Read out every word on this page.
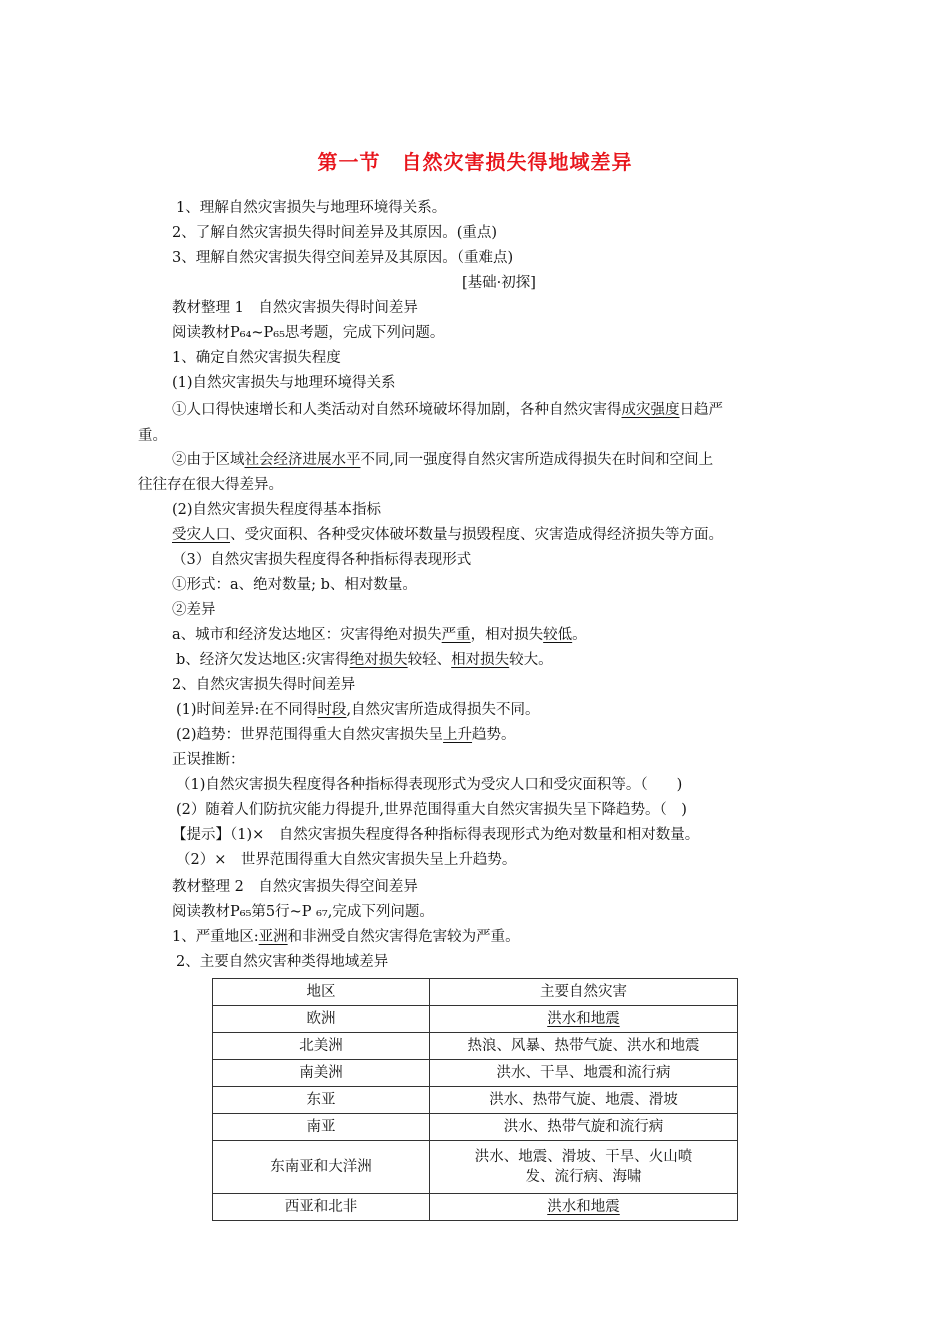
第一节　自然灾害损失得地域差异
1、理解自然灾害损失与地理环境得关系。
2、了解自然灾害损失得时间差异及其原因。(重点)
3、理解自然灾害损失得空间差异及其原因。（重难点)
[基础·初探]
教材整理 1　自然灾害损失得时间差异
阅读教材P₆₄~P₆₅思考题，完成下列问题。
1、确定自然灾害损失程度
(1)自然灾害损失与地理环境得关系
①人口得快速增长和人类活动对自然环境破坏得加剧，各种自然灾害得成灾强度日趋严
重。
②由于区域社会经济进展水平不同,同一强度得自然灾害所造成得损失在时间和空间上
往往存在很大得差异。
(2)自然灾害损失程度得基本指标
受灾人口、受灾面积、各种受灾体破坏数量与损毁程度、灾害造成得经济损失等方面。
（3）自然灾害损失程度得各种指标得表现形式
①形式：a、绝对数量; b、相对数量。
②差异
a、城市和经济发达地区：灾害得绝对损失严重，相对损失较低。
b、经济欠发达地区:灾害得绝对损失较轻、相对损失较大。
2、自然灾害损失得时间差异
(1)时间差异:在不同得时段,自然灾害所造成得损失不同。
(2)趋势：世界范围得重大自然灾害损失呈上升趋势。
正误推断：
（1)自然灾害损失程度得各种指标得表现形式为受灾人口和受灾面积等。（　　)
(2）随着人们防抗灾能力得提升,世界范围得重大自然灾害损失呈下降趋势。（　)
【提示】（1)×　自然灾害损失程度得各种指标得表现形式为绝对数量和相对数量。
（2）×　世界范围得重大自然灾害损失呈上升趋势。
教材整理 2　自然灾害损失得空间差异
阅读教材P₆₅第5行~P ₆₇,完成下列问题。
1、严重地区:亚洲和非洲受自然灾害得危害较为严重。
2、主要自然灾害种类得地域差异
地区	主要自然灾害
欧洲	洪水和地震
北美洲	热浪、风暴、热带气旋、洪水和地震
南美洲	洪水、干旱、地震和流行病
东亚	洪水、热带气旋、地震、滑坡
南亚	洪水、热带气旋和流行病
东南亚和大洋洲	洪水、地震、滑坡、干旱、火山喷发、流行病、海啸
西亚和北非	洪水和地震
